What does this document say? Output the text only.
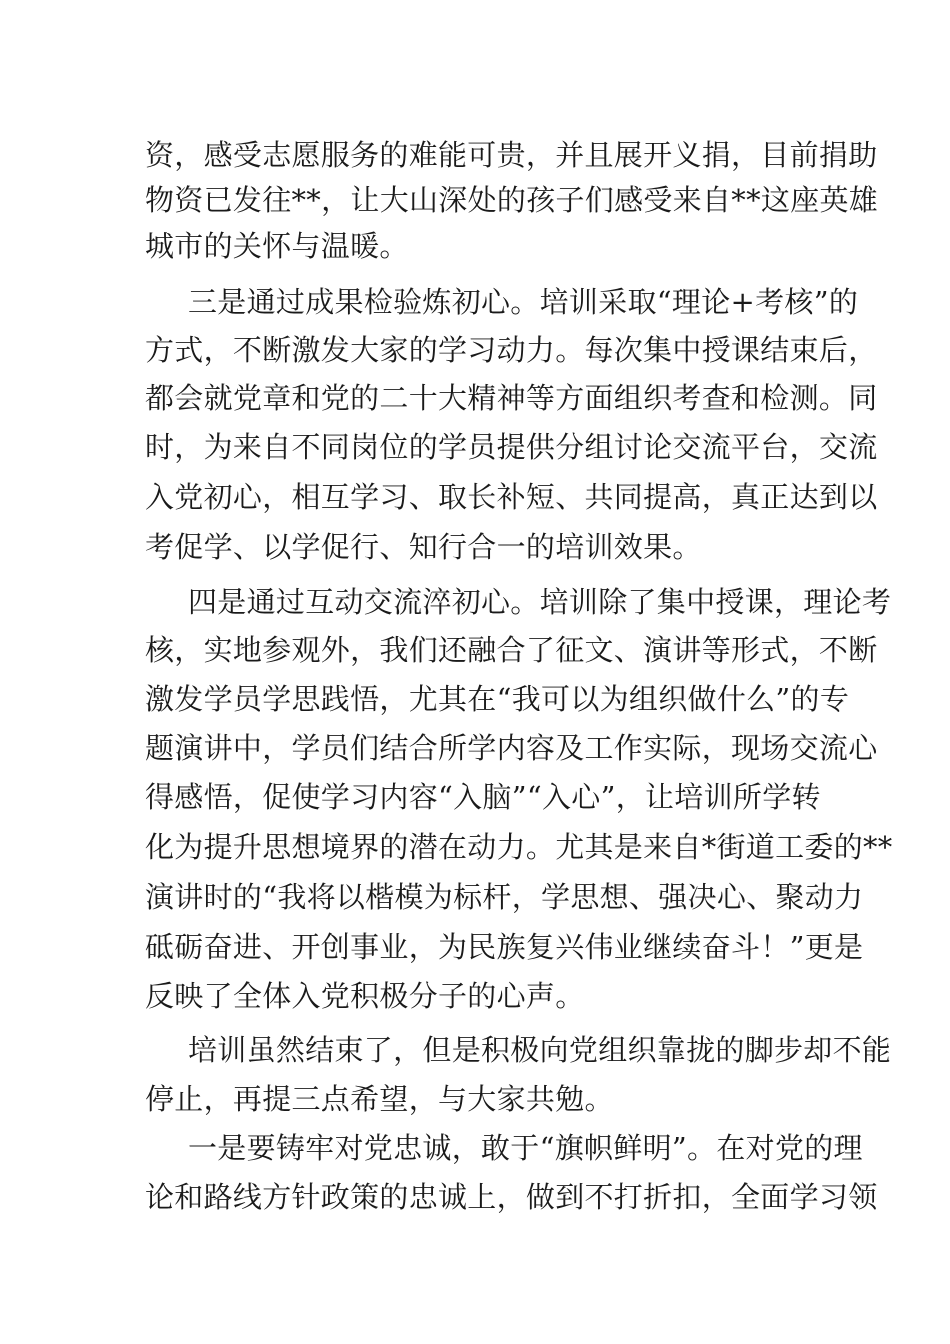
资，感受志愿服务的难能可贵，并且展开义捐，目前捐助
物资已发往**，让大山深处的孩子们感受来自**这座英雄
城市的关怀与温暖。
三是通过成果检验炼初心。培训采取“理论+考核”的
方式，不断激发大家的学习动力。每次集中授课结束后，
都会就党章和党的二十大精神等方面组织考查和检测。同
时，为来自不同岗位的学员提供分组讨论交流平台，交流
入党初心，相互学习、取长补短、共同提高，真正达到以
考促学、以学促行、知行合一的培训效果。
四是通过互动交流淬初心。培训除了集中授课，理论考
核，实地参观外，我们还融合了征文、演讲等形式，不断
激发学员学思践悟，尤其在“我可以为组织做什么”的专
题演讲中，学员们结合所学内容及工作实际，现场交流心
得感悟，促使学习内容“入脑”“入心”，让培训所学转
化为提升思想境界的潜在动力。尤其是来自*街道工委的**
演讲时的“我将以楷模为标杆，学思想、强决心、聚动力
砥砺奋进、开创事业，为民族复兴伟业继续奋斗！”更是
反映了全体入党积极分子的心声。
培训虽然结束了，但是积极向党组织靠拢的脚步却不能
停止，再提三点希望，与大家共勉。
一是要铸牢对党忠诚，敢于“旗帜鲜明”。在对党的理
论和路线方针政策的忠诚上，做到不打折扣，全面学习领
